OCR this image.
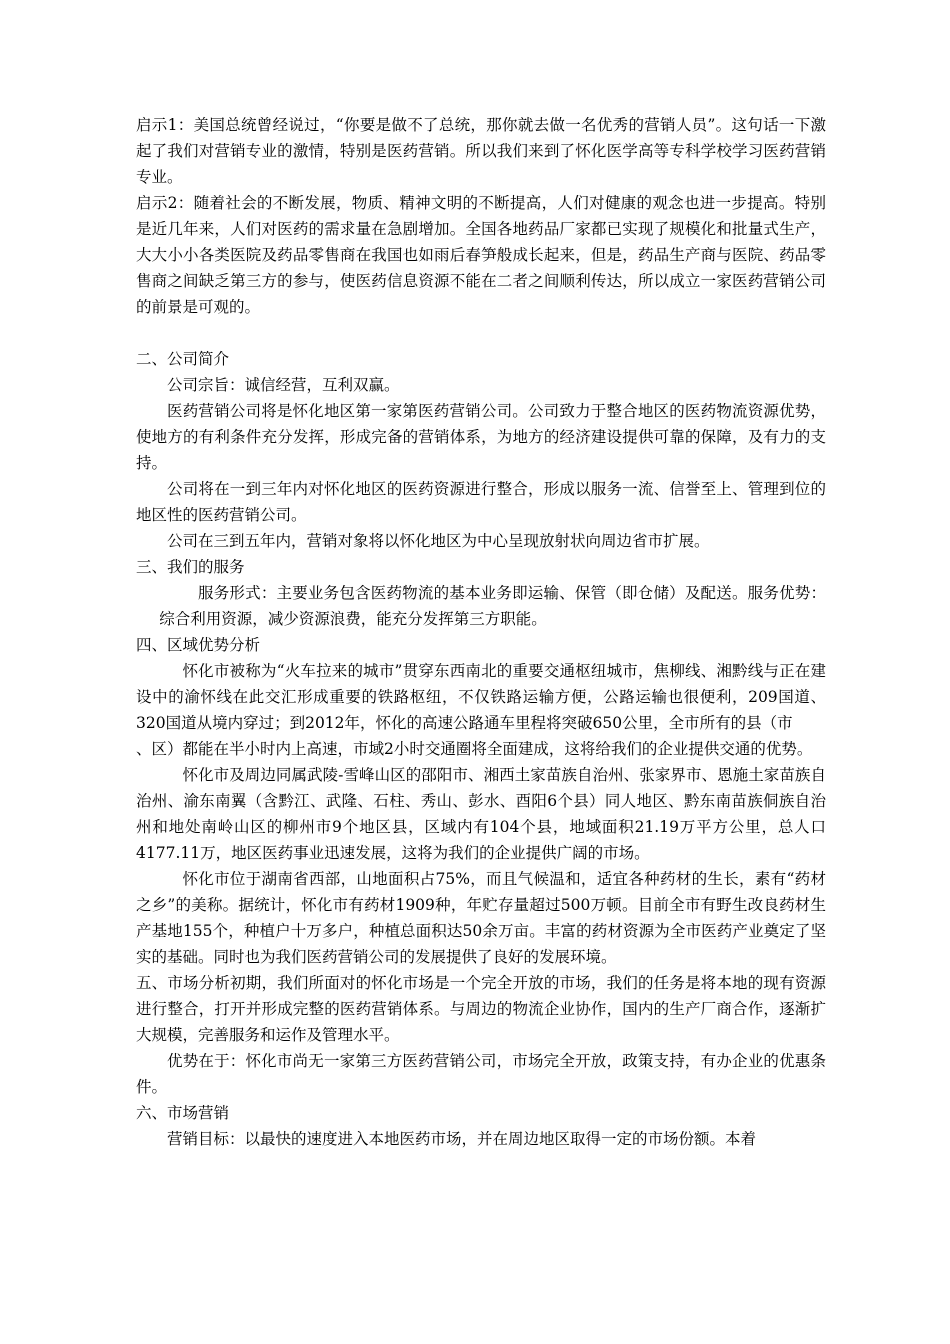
启示1：美国总统曾经说过，“你要是做不了总统，那你就去做一名优秀的营销人员”。这句话一下激起了我们对营销专业的激情，特别是医药营销。所以我们来到了怀化医学高等专科学校学习医药营销专业。

启示2：随着社会的不断发展，物质、精神文明的不断提高，人们对健康的观念也进一步提高。特别是近几年来，人们对医药的需求量在急剧增加。全国各地药品厂家都已实现了规模化和批量式生产，大大小小各类医院及药品零售商在我国也如雨后春笋般成长起来，但是，药品生产商与医院、药品零售商之间缺乏第三方的参与，使医药信息资源不能在二者之间顺利传达，所以成立一家医药营销公司的前景是可观的。

二、公司简介

公司宗旨：诚信经营，互利双赢。

医药营销公司将是怀化地区第一家第医药营销公司。公司致力于整合地区的医药物流资源优势，使地方的有利条件充分发挥，形成完备的营销体系，为地方的经济建设提供可靠的保障，及有力的支持。

公司将在一到三年内对怀化地区的医药资源进行整合，形成以服务一流、信誉至上、管理到位的地区性的医药营销公司。

公司在三到五年内，营销对象将以怀化地区为中心呈现放射状向周边省市扩展。

三、我们的服务

服务形式：主要业务包含医药物流的基本业务即运输、保管（即仓储）及配送。服务优势：综合利用资源，减少资源浪费，能充分发挥第三方职能。

四、区域优势分析

怀化市被称为“火车拉来的城市”贯穿东西南北的重要交通枢纽城市，焦柳线、湘黔线与正在建设中的渝怀线在此交汇形成重要的铁路枢纽，不仅铁路运输方便，公路运输也很便利，209国道、320国道从境内穿过；到2012年，怀化的高速公路通车里程将突破650公里，全市所有的县（市

、区）都能在半小时内上高速，市域2小时交通圈将全面建成，这将给我们的企业提供交通的优势。

怀化市及周边同属武陵-雪峰山区的邵阳市、湘西土家苗族自治州、张家界市、恩施土家苗族自治州、渝东南翼（含黔江、武隆、石柱、秀山、彭水、酉阳6个县）同人地区、黔东南苗族侗族自治州和地处南岭山区的柳州市9个地区县，区域内有104个县，地域面积21.19万平方公里，总人口4177.11万，地区医药事业迅速发展，这将为我们的企业提供广阔的市场。

怀化市位于湖南省西部，山地面积占75%，而且气候温和，适宜各种药材的生长，素有“药材之乡”的美称。据统计，怀化市有药材1909种，年贮存量超过500万顿。目前全市有野生改良药材生产基地155个，种植户十万多户，种植总面积达50余万亩。丰富的药材资源为全市医药产业奠定了坚实的基础。同时也为我们医药营销公司的发展提供了良好的发展环境。

五、市场分析初期，我们所面对的怀化市场是一个完全开放的市场，我们的任务是将本地的现有资源进行整合，打开并形成完整的医药营销体系。与周边的物流企业协作，国内的生产厂商合作，逐渐扩大规模，完善服务和运作及管理水平。

优势在于：怀化市尚无一家第三方医药营销公司，市场完全开放，政策支持，有办企业的优惠条件。

六、市场营销

营销目标：以最快的速度进入本地医药市场，并在周边地区取得一定的市场份额。本着
